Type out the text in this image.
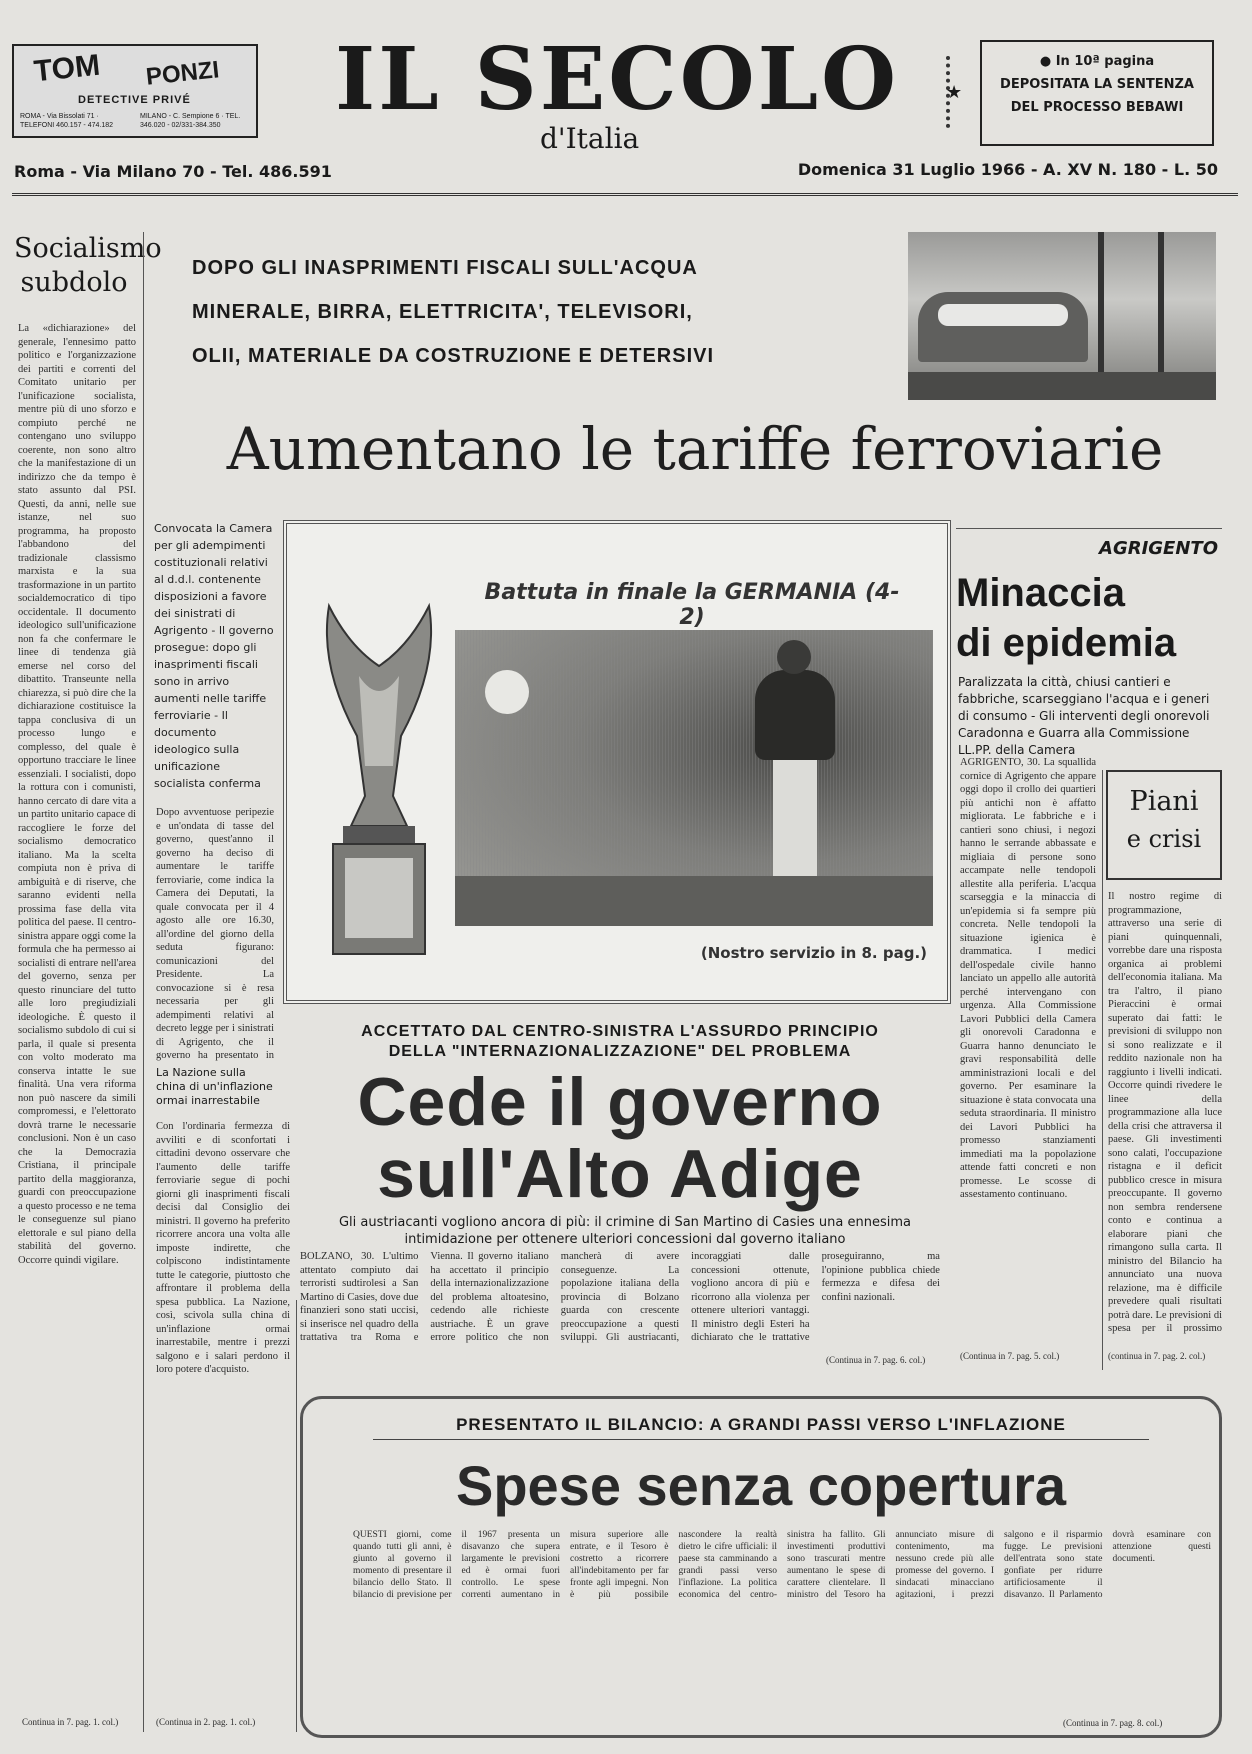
TOM PONZI
DETECTIVE PRIVÉ
ROMA - Via Bissolati 71 · TELEFONI 460.157 - 474.182
MILANO - C. Sempione 6 · TEL. 346.020 - 02/331-384.350	IL SECOLO	★
d'Italia
● In 10ª pagina
DEPOSITATA LA SENTENZA
DEL PROCESSO BEBAWI
Roma - Via Milano 70 - Tel. 486.591	Domenica 31 Luglio 1966 - A. XV N. 180 - L. 50
Socialismo
subdolo
La «dichiarazione» del generale, l'ennesimo patto politico e l'organizzazione dei partiti e correnti del Comitato unitario per l'unificazione socialista, mentre più di uno sforzo e compiuto perché ne contengano uno sviluppo coerente, non sono altro che la manifestazione di un indirizzo che da tempo è stato assunto dal PSI. Questi, da anni, nelle sue istanze, nel suo programma, ha proposto l'abbandono del tradizionale classismo marxista e la sua trasformazione in un partito socialdemocratico di tipo occidentale. Il documento ideologico sull'unificazione non fa che confermare le linee di tendenza già emerse nel corso del dibattito. Transeunte nella chiarezza, si può dire che la dichiarazione costituisce la tappa conclusiva di un processo lungo e complesso, del quale è opportuno tracciare le linee essenziali. I socialisti, dopo la rottura con i comunisti, hanno cercato di dare vita a un partito unitario capace di raccogliere le forze del socialismo democratico italiano. Ma la scelta compiuta non è priva di ambiguità e di riserve, che saranno evidenti nella prossima fase della vita politica del paese. Il centro-sinistra appare oggi come la formula che ha permesso ai socialisti di entrare nell'area del governo, senza per questo rinunciare del tutto alle loro pregiudiziali ideologiche. È questo il socialismo subdolo di cui si parla, il quale si presenta con volto moderato ma conserva intatte le sue finalità. Una vera riforma non può nascere da simili compromessi, e l'elettorato dovrà trarne le necessarie conclusioni. Non è un caso che la Democrazia Cristiana, il principale partito della maggioranza, guardi con preoccupazione a questo processo e ne tema le conseguenze sul piano elettorale e sul piano della stabilità del governo. Occorre quindi vigilare.
Continua in 7. pag. 1. col.)
DOPO GLI INASPRIMENTI FISCALI SULL'ACQUA
MINERALE, BIRRA, ELETTRICITA', TELEVISORI,
OLII, MATERIALE DA COSTRUZIONE E DETERSIVI
Aumentano le tariffe ferroviarie
Convocata la Camera per gli adempimenti costituzionali relativi al d.d.l. contenente disposizioni a favore dei sinistrati di Agrigento - Il governo prosegue: dopo gli inasprimenti fiscali sono in arrivo aumenti nelle tariffe ferroviarie - Il documento ideologico sulla unificazione socialista conferma
Dopo avventuose peripezie e un'ondata di tasse del governo, quest'anno il governo ha deciso di aumentare le tariffe ferroviarie, come indica la Camera dei Deputati, la quale convocata per il 4 agosto alle ore 16.30, all'ordine del giorno della seduta figurano: comunicazioni del Presidente. La convocazione si è resa necessaria per gli adempimenti relativi al decreto legge per i sinistrati di Agrigento, che il governo ha presentato in
La Nazione sulla china di un'inflazione ormai inarrestabile
Con l'ordinaria fermezza di avviliti e di sconfortati i cittadini devono osservare che l'aumento delle tariffe ferroviarie segue di pochi giorni gli inasprimenti fiscali decisi dal Consiglio dei ministri. Il governo ha preferito ricorrere ancora una volta alle imposte indirette, che colpiscono indistintamente tutte le categorie, piuttosto che affrontare il problema della spesa pubblica. La Nazione, così, scivola sulla china di un'inflazione ormai inarrestabile, mentre i prezzi salgono e i salari perdono il loro potere d'acquisto.
(Continua in 2. pag. 1. col.)
Battuta in finale la GERMANIA (4-2)
(Nostro servizio in 8. pag.)
AGRIGENTO
Minaccia
di epidemia
Paralizzata la città, chiusi cantieri e fabbriche, scarseggiano l'acqua e i generi di consumo - Gli interventi degli onorevoli Caradonna e Guarra alla Commissione LL.PP. della Camera
AGRIGENTO, 30. La squallida cornice di Agrigento che appare oggi dopo il crollo dei quartieri più antichi non è affatto migliorata. Le fabbriche e i cantieri sono chiusi, i negozi hanno le serrande abbassate e migliaia di persone sono accampate nelle tendopoli allestite alla periferia. L'acqua scarseggia e la minaccia di un'epidemia si fa sempre più concreta. Nelle tendopoli la situazione igienica è drammatica. I medici dell'ospedale civile hanno lanciato un appello alle autorità perché intervengano con urgenza. Alla Commissione Lavori Pubblici della Camera gli onorevoli Caradonna e Guarra hanno denunciato le gravi responsabilità delle amministrazioni locali e del governo. Per esaminare la situazione è stata convocata una seduta straordinaria. Il ministro dei Lavori Pubblici ha promesso stanziamenti immediati ma la popolazione attende fatti concreti e non promesse. Le scosse di assestamento continuano.
(Continua in 7. pag. 5. col.)
Piani
e crisi
Il nostro regime di programmazione, attraverso una serie di piani quinquennali, vorrebbe dare una risposta organica ai problemi dell'economia italiana. Ma tra l'altro, il piano Pieraccini è ormai superato dai fatti: le previsioni di sviluppo non si sono realizzate e il reddito nazionale non ha raggiunto i livelli indicati. Occorre quindi rivedere le linee della programmazione alla luce della crisi che attraversa il paese. Gli investimenti sono calati, l'occupazione ristagna e il deficit pubblico cresce in misura preoccupante. Il governo non sembra rendersene conto e continua a elaborare piani che rimangono sulla carta. Il ministro del Bilancio ha annunciato una nuova relazione, ma è difficile prevedere quali risultati potrà dare. Le previsioni di spesa per il prossimo
(continua in 7. pag. 2. col.)
ACCETTATO DAL CENTRO-SINISTRA L'ASSURDO PRINCIPIO
DELLA "INTERNAZIONALIZZAZIONE" DEL PROBLEMA
Cede il governo
sull'Alto Adige
Gli austriacanti vogliono ancora di più: il crimine di San Martino di Casies una ennesima intimidazione per ottenere ulteriori concessioni dal governo italiano
BOLZANO, 30. L'ultimo attentato compiuto dai terroristi sudtirolesi a San Martino di Casies, dove due finanzieri sono stati uccisi, si inserisce nel quadro della trattativa tra Roma e Vienna. Il governo italiano ha accettato il principio della internazionalizzazione del problema altoatesino, cedendo alle richieste austriache. È un grave errore politico che non mancherà di avere conseguenze. La popolazione italiana della provincia di Bolzano guarda con crescente preoccupazione a questi sviluppi. Gli austriacanti, incoraggiati dalle concessioni ottenute, vogliono ancora di più e ricorrono alla violenza per ottenere ulteriori vantaggi. Il ministro degli Esteri ha dichiarato che le trattative proseguiranno, ma l'opinione pubblica chiede fermezza e difesa dei confini nazionali.
(Continua in 7. pag. 6. col.)
PRESENTATO IL BILANCIO: A GRANDI PASSI VERSO L'INFLAZIONE
Spese senza copertura
QUESTI giorni, come quando tutti gli anni, è giunto al governo il momento di presentare il bilancio dello Stato. Il bilancio di previsione per il 1967 presenta un disavanzo che supera largamente le previsioni ed è ormai fuori controllo. Le spese correnti aumentano in misura superiore alle entrate, e il Tesoro è costretto a ricorrere all'indebitamento per far fronte agli impegni. Non è più possibile nascondere la realtà dietro le cifre ufficiali: il paese sta camminando a grandi passi verso l'inflazione. La politica economica del centro-sinistra ha fallito. Gli investimenti produttivi sono trascurati mentre aumentano le spese di carattere clientelare. Il ministro del Tesoro ha annunciato misure di contenimento, ma nessuno crede più alle promesse del governo. I sindacati minacciano agitazioni, i prezzi salgono e il risparmio fugge. Le previsioni dell'entrata sono state gonfiate per ridurre artificiosamente il disavanzo. Il Parlamento dovrà esaminare con attenzione questi documenti.
(Continua in 7. pag. 8. col.)
